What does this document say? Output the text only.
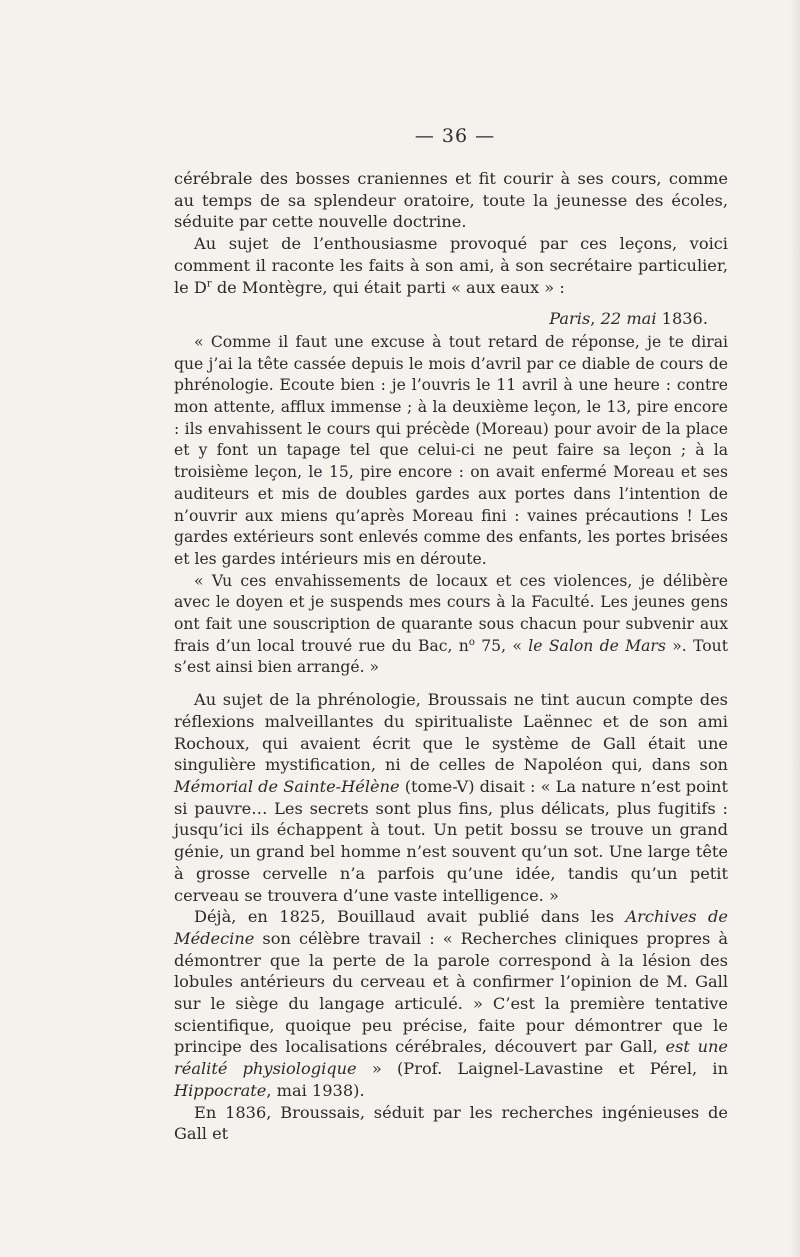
— 36 —

cérébrale des bosses craniennes et fit courir à ses cours, comme au temps de sa splendeur oratoire, toute la jeunesse des écoles, séduite par cette nouvelle doctrine.

Au sujet de l’enthousiasme provoqué par ces leçons, voici comment il raconte les faits à son ami, à son secrétaire particulier, le $D^r$ de Montègre, qui était parti « aux eaux » :

Paris, 22 mai 1836.

« Comme il faut une excuse à tout retard de réponse, je te dirai que j’ai la tête cassée depuis le mois d’avril par ce diable de cours de phrénologie. Ecoute bien : je l’ouvris le 11 avril à une heure : contre mon attente, afflux immense ; à la deuxième leçon, le 13, pire encore : ils envahissent le cours qui précède (Moreau) pour avoir de la place et y font un tapage tel que celui-ci ne peut faire sa leçon ; à la troisième leçon, le 15, pire encore : on avait enfermé Moreau et ses auditeurs et mis de doubles gardes aux portes dans l’intention de n’ouvrir aux miens qu’après Moreau fini : vaines précautions ! Les gardes extérieurs sont enlevés comme des enfants, les portes brisées et les gardes intérieurs mis en déroute.

« Vu ces envahissements de locaux et ces violences, je délibère avec le doyen et je suspends mes cours à la Faculté. Les jeunes gens ont fait une souscription de quarante sous chacun pour subvenir aux frais d’un local trouvé rue du Bac, $n^o$ 75, « le Salon de Mars ». Tout s’est ainsi bien arrangé. »

Au sujet de la phrénologie, Broussais ne tint aucun compte des réflexions malveillantes du spiritualiste Laënnec et de son ami Rochoux, qui avaient écrit que le système de Gall était une singulière mystification, ni de celles de Napoléon qui, dans son Mémorial de Sainte-Hélène (tome-V) disait : « La nature n’est point si pauvre… Les secrets sont plus fins, plus délicats, plus fugitifs : jusqu’ici ils échappent à tout. Un petit bossu se trouve un grand génie, un grand bel homme n’est souvent qu’un sot. Une large tête à grosse cervelle n’a parfois qu’une idée, tandis qu’un petit cerveau se trouvera d’une vaste intelligence. »

Déjà, en 1825, Bouillaud avait publié dans les Archives de Médecine son célèbre travail : « Recherches cliniques propres à démontrer que la perte de la parole correspond à la lésion des lobules antérieurs du cerveau et à confirmer l’opinion de M. Gall sur le siège du langage articulé. » C’est la première tentative scientifique, quoique peu précise, faite pour démontrer que le principe des localisations cérébrales, découvert par Gall, est une réalité physiologique » (Prof. Laignel-Lavastine et Pérel, in Hippocrate, mai 1938).

En 1836, Broussais, séduit par les recherches ingénieuses de Gall et
